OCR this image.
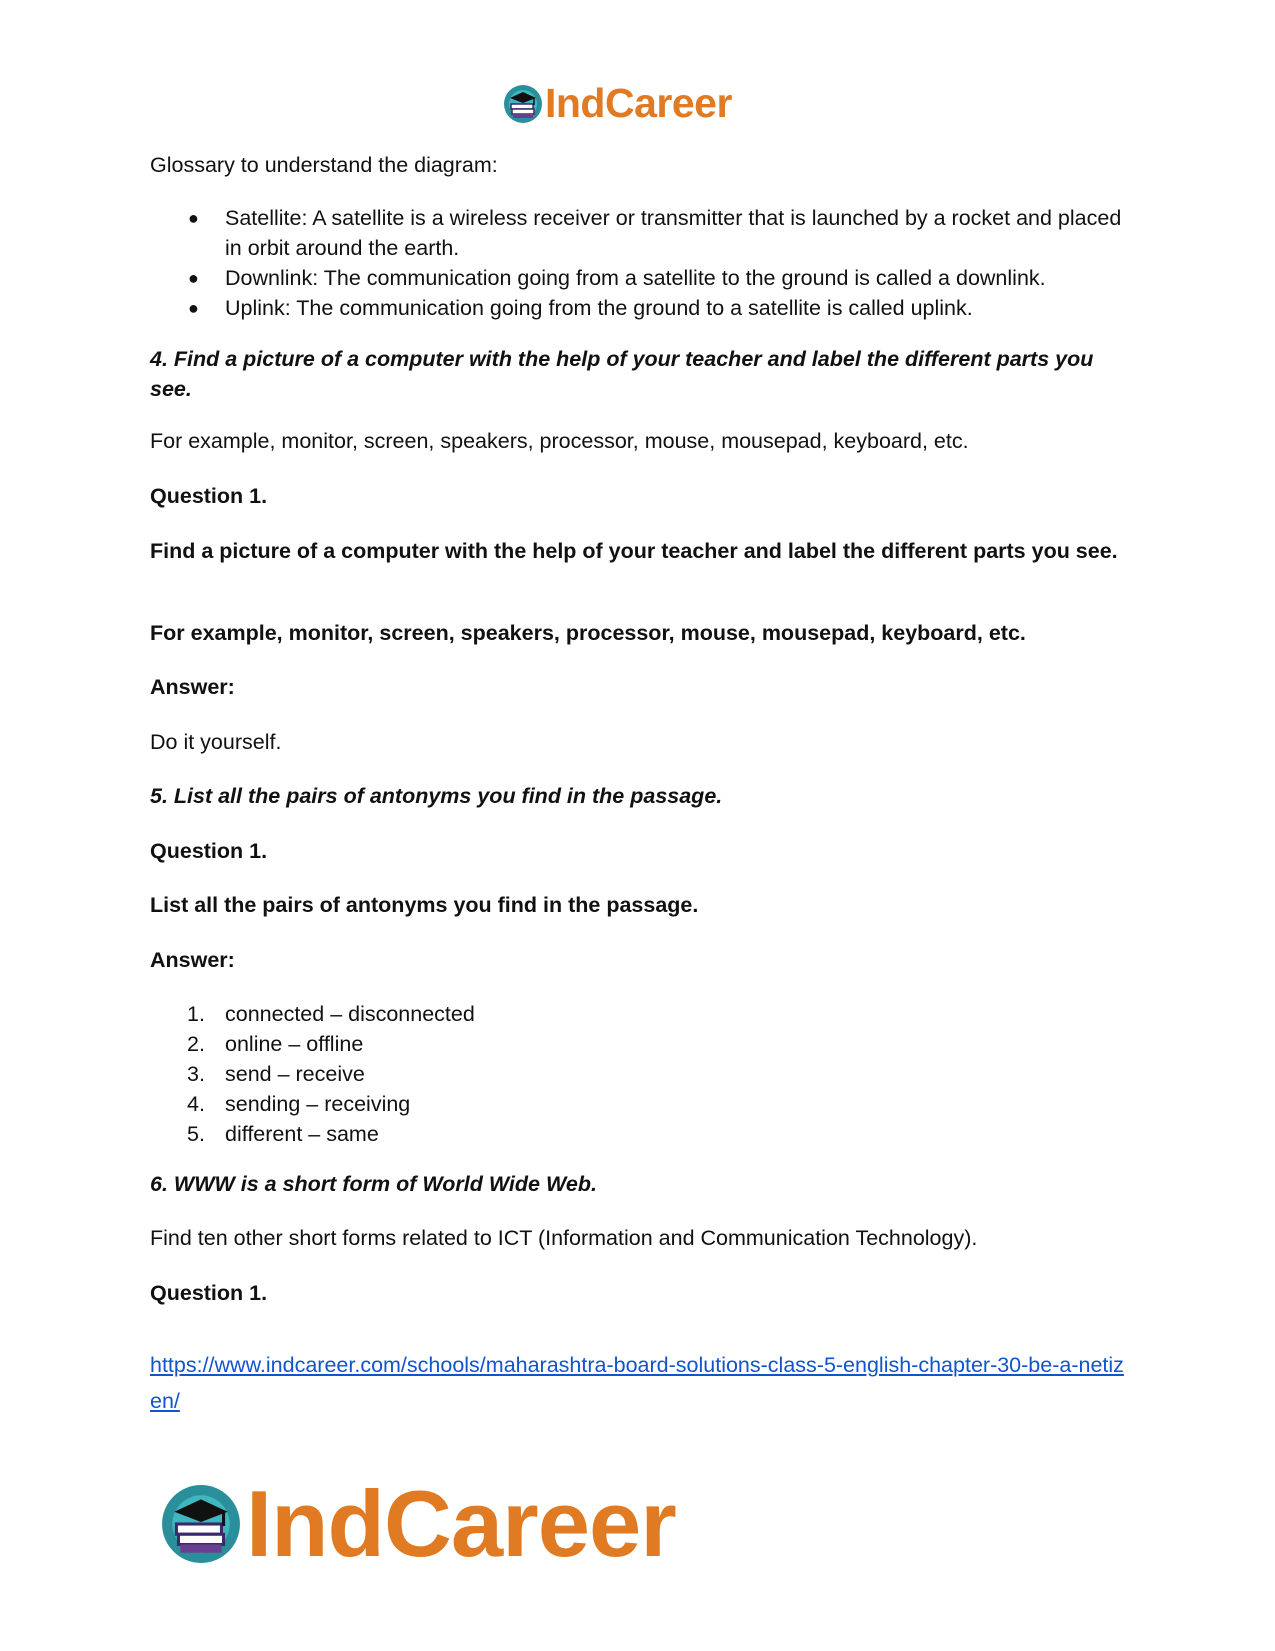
IndCareer

Glossary to understand the diagram:

● Satellite: A satellite is a wireless receiver or transmitter that is launched by a rocket and placed in orbit around the earth.
● Downlink: The communication going from a satellite to the ground is called a downlink.
● Uplink: The communication going from the ground to a satellite is called uplink.

4. Find a picture of a computer with the help of your teacher and label the different parts you see.

For example, monitor, screen, speakers, processor, mouse, mousepad, keyboard, etc.

Question 1.

Find a picture of a computer with the help of your teacher and label the different parts you see.

For example, monitor, screen, speakers, processor, mouse, mousepad, keyboard, etc.

Answer:

Do it yourself.

5. List all the pairs of antonyms you find in the passage.

Question 1.

List all the pairs of antonyms you find in the passage.

Answer:

1. connected – disconnected
2. online – offline
3. send – receive
4. sending – receiving
5. different – same

6. WWW is a short form of World Wide Web.

Find ten other short forms related to ICT (Information and Communication Technology).

Question 1.

https://www.indcareer.com/schools/maharashtra-board-solutions-class-5-english-chapter-30-be-a-netizen/
IndCareer
